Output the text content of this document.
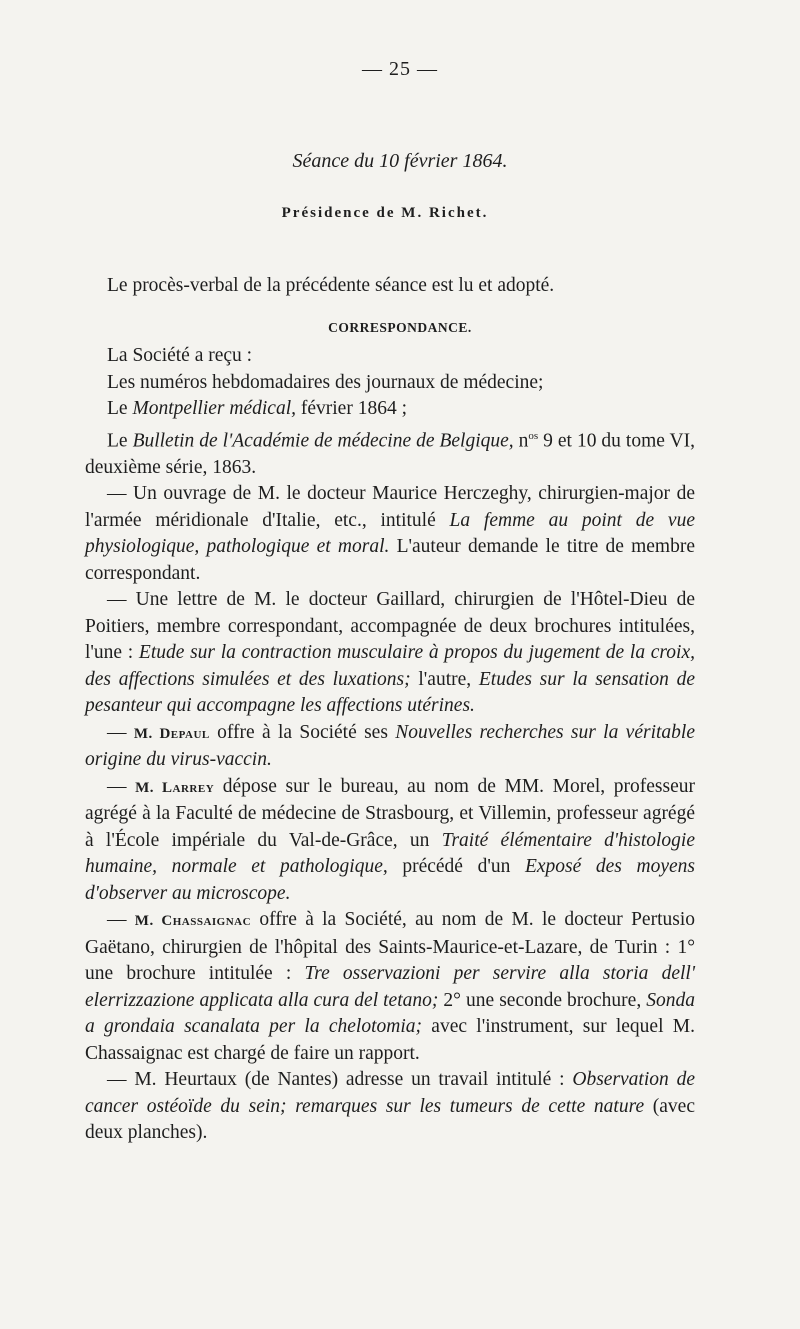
— 25 —
Séance du 10 février 1864.
Présidence de M. Richet.
Le procès-verbal de la précédente séance est lu et adopté.
CORRESPONDANCE.

La Société a reçu :

Les numéros hebdomadaires des journaux de médecine;

Le Montpellier médical, février 1864 ;

Le Bulletin de l'Académie de médecine de Belgique, $n^{os}$ 9 et 10 du tome VI, deuxième série, 1863.

— Un ouvrage de M. le docteur Maurice Herczeghy, chirurgien-major de l'armée méridionale d'Italie, etc., intitulé La femme au point de vue physiologique, pathologique et moral. L'auteur demande le titre de membre correspondant.

— Une lettre de M. le docteur Gaillard, chirurgien de l'Hôtel-Dieu de Poitiers, membre correspondant, accompagnée de deux brochures intitulées, l'une : Etude sur la contraction musculaire à propos du jugement de la croix, des affections simulées et des luxations; l'autre, Etudes sur la sensation de pesanteur qui accompagne les affections utérines.

— M. Depaul offre à la Société ses Nouvelles recherches sur la véritable origine du virus-vaccin.

— M. Larrey dépose sur le bureau, au nom de MM. Morel, professeur agrégé à la Faculté de médecine de Strasbourg, et Villemin, professeur agrégé à l'École impériale du Val-de-Grâce, un Traité élémentaire d'histologie humaine, normale et pathologique, précédé d'un Exposé des moyens d'observer au microscope.

— M. Chassaignac offre à la Société, au nom de M. le docteur Pertusio Gaëtano, chirurgien de l'hôpital des Saints-Maurice-et-Lazare, de Turin : 1° une brochure intitulée : Tre osservazioni per servire alla storia dell' elerrizzazione applicata alla cura del tetano; 2° une seconde brochure, Sonda a grondaia scanalata per la chelotomia; avec l'instrument, sur lequel M. Chassaignac est chargé de faire un rapport.

— M. Heurtaux (de Nantes) adresse un travail intitulé : Observation de cancer ostéoïde du sein; remarques sur les tumeurs de cette nature (avec deux planches).
